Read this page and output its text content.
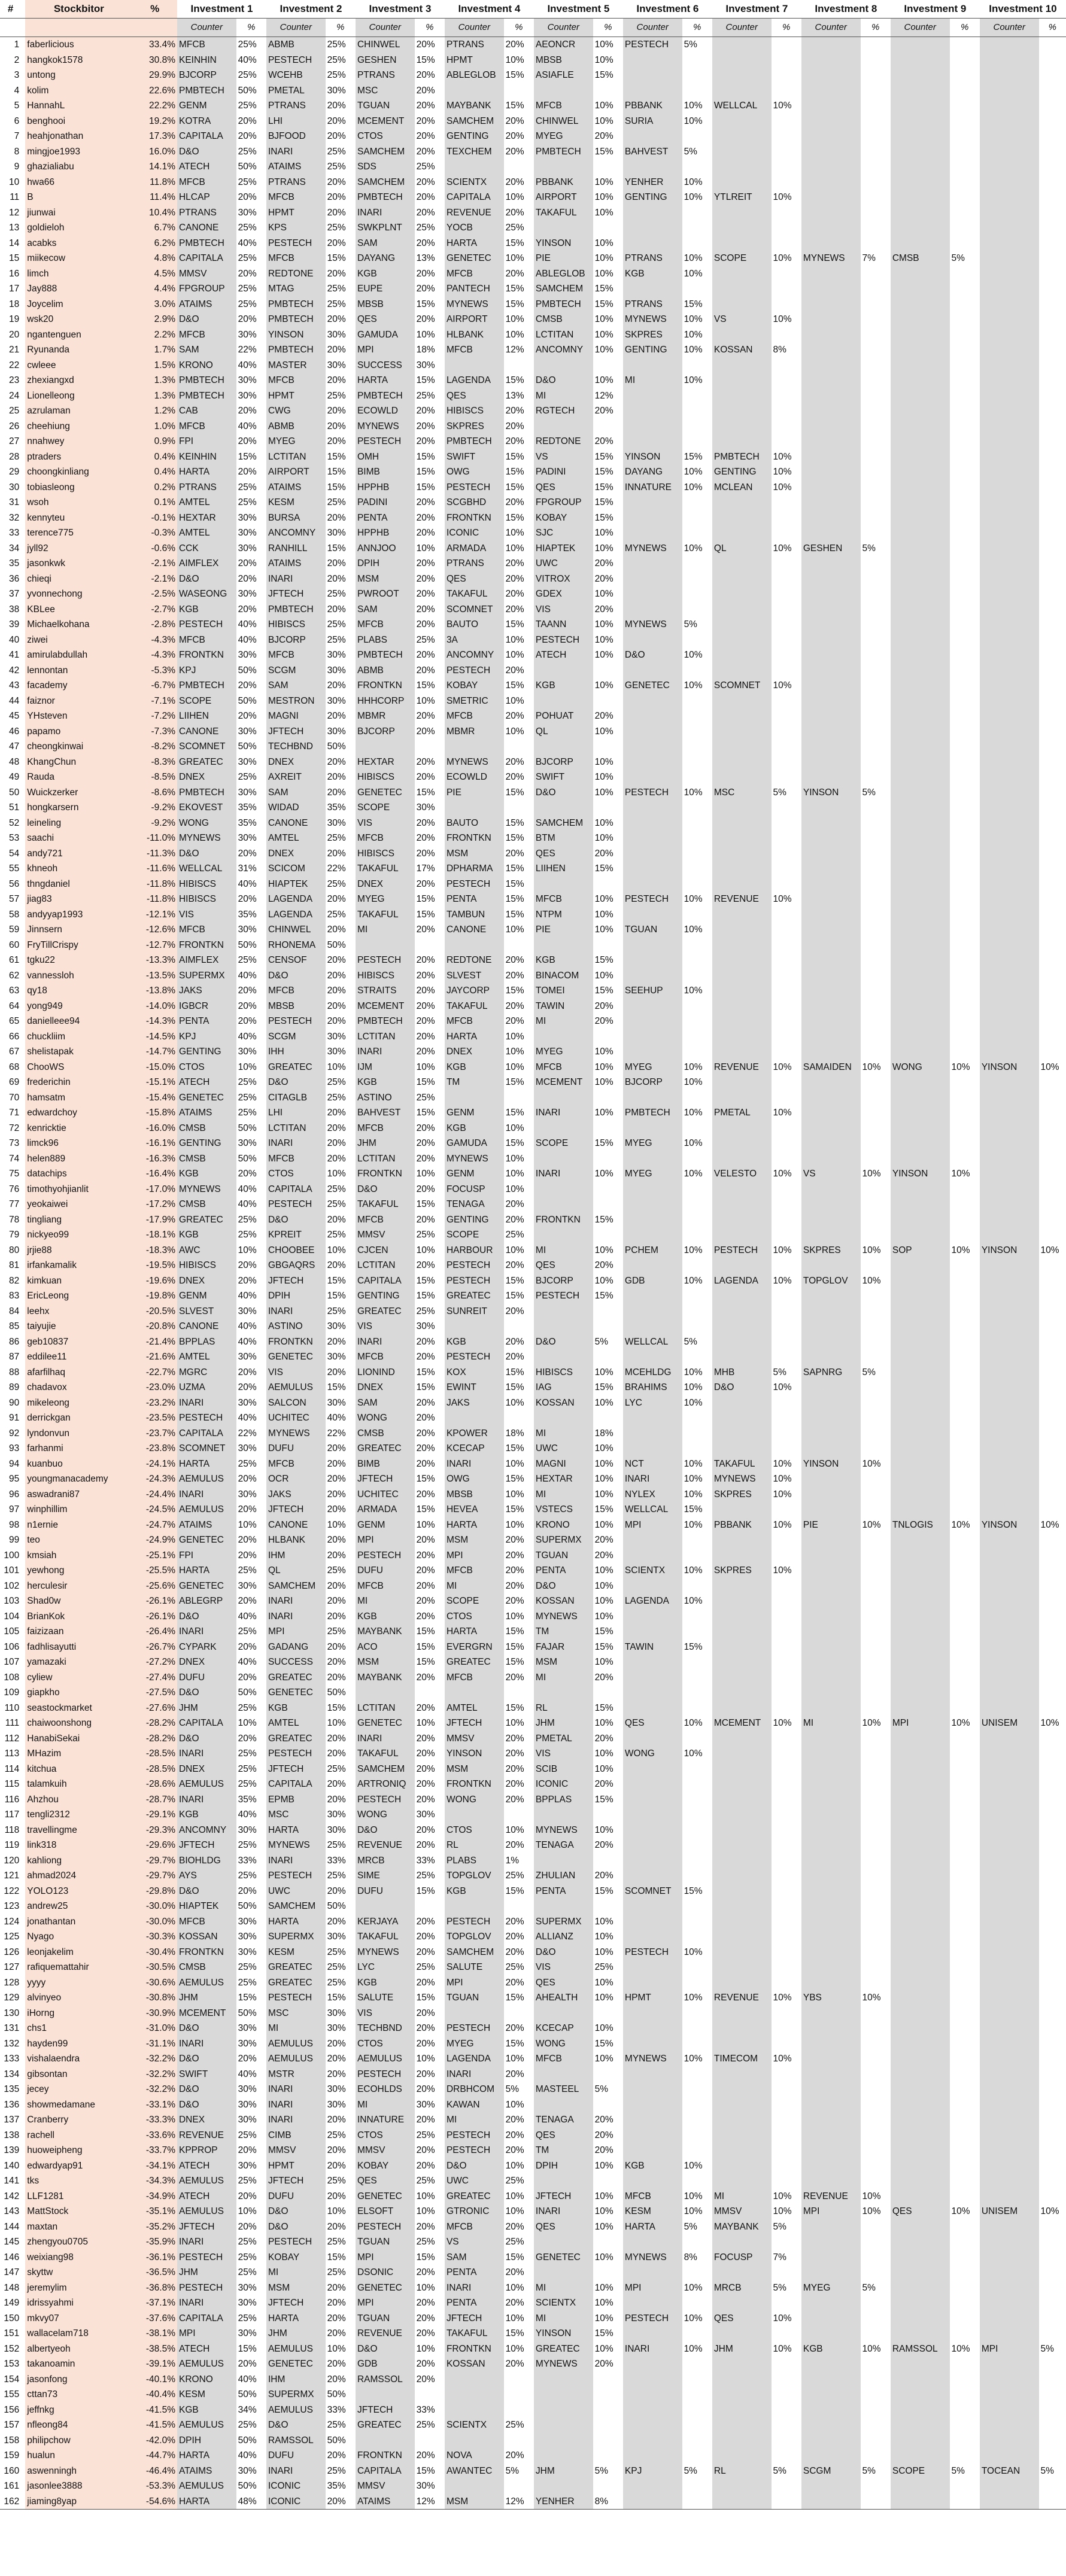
#	Stockbitor	%	Investment 1		Investment 2		Investment 3		Investment 4		Investment 5		Investment 6		Investment 7		Investment 8		Investment 9		Investment 10	
			Counter	%	Counter	%	Counter	%	Counter	%	Counter	%	Counter	%	Counter	%	Counter	%	Counter	%	Counter	%
1	faberlicious	33.4%	MFCB	25%	ABMB	25%	CHINWEL	20%	PTRANS	20%	AEONCR	10%	PESTECH	5%								
2	hangkok1578	30.8%	KEINHIN	40%	PESTECH	25%	GESHEN	15%	HPMT	10%	MBSB	10%										
3	untong	29.9%	BJCORP	25%	WCEHB	25%	PTRANS	20%	ABLEGLOB	15%	ASIAFLE	15%										
4	kolim	22.6%	PMBTECH	50%	PMETAL	30%	MSC	20%														
5	HannahL	22.2%	GENM	25%	PTRANS	20%	TGUAN	20%	MAYBANK	15%	MFCB	10%	PBBANK	10%	WELLCAL	10%						
6	benghooi	19.2%	KOTRA	20%	LHI	20%	MCEMENT	20%	SAMCHEM	20%	CHINWEL	10%	SURIA	10%								
7	heahjonathan	17.3%	CAPITALA	20%	BJFOOD	20%	CTOS	20%	GENTING	20%	MYEG	20%										
8	mingjoe1993	16.0%	D&O	25%	INARI	25%	SAMCHEM	20%	TEXCHEM	20%	PMBTECH	15%	BAHVEST	5%								
9	ghazialiabu	14.1%	ATECH	50%	ATAIMS	25%	SDS	25%														
10	hwa66	11.8%	MFCB	25%	PTRANS	20%	SAMCHEM	20%	SCIENTX	20%	PBBANK	10%	YENHER	10%								
11	B	11.4%	HLCAP	20%	MFCB	20%	PMBTECH	20%	CAPITALA	10%	AIRPORT	10%	GENTING	10%	YTLREIT	10%						
12	jiunwai	10.4%	PTRANS	30%	HPMT	20%	INARI	20%	REVENUE	20%	TAKAFUL	10%										
13	goldieloh	6.7%	CANONE	25%	KPS	25%	SWKPLNT	25%	YOCB	25%												
14	acabks	6.2%	PMBTECH	40%	PESTECH	20%	SAM	20%	HARTA	15%	YINSON	10%										
15	miikecow	4.8%	CAPITALA	25%	MFCB	15%	DAYANG	13%	GENETEC	10%	PIE	10%	PTRANS	10%	SCOPE	10%	MYNEWS	7%	CMSB	5%		
16	limch	4.5%	MMSV	20%	REDTONE	20%	KGB	20%	MFCB	20%	ABLEGLOB	10%	KGB	10%								
17	Jay888	4.4%	FPGROUP	25%	MTAG	25%	EUPE	20%	PANTECH	15%	SAMCHEM	15%										
18	Joycelim	3.0%	ATAIMS	25%	PMBTECH	25%	MBSB	15%	MYNEWS	15%	PMBTECH	15%	PTRANS	15%								
19	wsk20	2.9%	D&O	20%	PMBTECH	20%	QES	20%	AIRPORT	10%	CMSB	10%	MYNEWS	10%	VS	10%						
20	ngantenguen	2.2%	MFCB	30%	YINSON	30%	GAMUDA	10%	HLBANK	10%	LCTITAN	10%	SKPRES	10%								
21	Ryunanda	1.7%	SAM	22%	PMBTECH	20%	MPI	18%	MFCB	12%	ANCOMNY	10%	GENTING	10%	KOSSAN	8%						
22	cwleee	1.5%	KRONO	40%	MASTER	30%	SUCCESS	30%														
23	zhexiangxd	1.3%	PMBTECH	30%	MFCB	20%	HARTA	15%	LAGENDA	15%	D&O	10%	MI	10%								
24	Lionelleong	1.3%	PMBTECH	30%	HPMT	25%	PMBTECH	25%	QES	13%	MI	12%										
25	azrulaman	1.2%	CAB	20%	CWG	20%	ECOWLD	20%	HIBISCS	20%	RGTECH	20%										
26	cheehiung	1.0%	MFCB	40%	ABMB	20%	MYNEWS	20%	SKPRES	20%												
27	nnahwey	0.9%	FPI	20%	MYEG	20%	PESTECH	20%	PMBTECH	20%	REDTONE	20%										
28	ptraders	0.4%	KEINHIN	15%	LCTITAN	15%	OMH	15%	SWIFT	15%	VS	15%	YINSON	15%	PMBTECH	10%						
29	choongkinliang	0.4%	HARTA	20%	AIRPORT	15%	BIMB	15%	OWG	15%	PADINI	15%	DAYANG	10%	GENTING	10%						
30	tobiasleong	0.2%	PTRANS	25%	ATAIMS	15%	HPPHB	15%	PESTECH	15%	QES	15%	INNATURE	10%	MCLEAN	10%						
31	wsoh	0.1%	AMTEL	25%	KESM	25%	PADINI	20%	SCGBHD	20%	FPGROUP	15%										
32	kennyteu	-0.1%	HEXTAR	30%	BURSA	20%	PENTA	20%	FRONTKN	15%	KOBAY	15%										
33	terence775	-0.3%	AMTEL	30%	ANCOMNY	30%	HPPHB	20%	ICONIC	10%	SJC	10%										
34	jyll92	-0.6%	CCK	30%	RANHILL	15%	ANNJOO	10%	ARMADA	10%	HIAPTEK	10%	MYNEWS	10%	QL	10%	GESHEN	5%				
35	jasonkwk	-2.1%	AIMFLEX	20%	ATAIMS	20%	DPIH	20%	PTRANS	20%	UWC	20%										
36	chieqi	-2.1%	D&O	20%	INARI	20%	MSM	20%	QES	20%	VITROX	20%										
37	yvonnechong	-2.5%	WASEONG	30%	JFTECH	25%	PWROOT	20%	TAKAFUL	20%	GDEX	10%										
38	KBLee	-2.7%	KGB	20%	PMBTECH	20%	SAM	20%	SCOMNET	20%	VIS	20%										
39	Michaelkohana	-2.8%	PESTECH	40%	HIBISCS	25%	MFCB	20%	BAUTO	15%	TAANN	10%	MYNEWS	5%								
40	ziwei	-4.3%	MFCB	40%	BJCORP	25%	PLABS	25%	3A	10%	PESTECH	10%										
41	amirulabdullah	-4.3%	FRONTKN	30%	MFCB	30%	PMBTECH	20%	ANCOMNY	10%	ATECH	10%	D&O	10%								
42	lennontan	-5.3%	KPJ	50%	SCGM	30%	ABMB	20%	PESTECH	20%												
43	facademy	-6.7%	PMBTECH	20%	SAM	20%	FRONTKN	15%	KOBAY	15%	KGB	10%	GENETEC	10%	SCOMNET	10%						
44	faiznor	-7.1%	SCOPE	50%	MESTRON	30%	HHHCORP	10%	SMETRIC	10%												
45	YHsteven	-7.2%	LIIHEN	20%	MAGNI	20%	MBMR	20%	MFCB	20%	POHUAT	20%										
46	papamo	-7.3%	CANONE	30%	JFTECH	30%	BJCORP	20%	MBMR	10%	QL	10%										
47	cheongkinwai	-8.2%	SCOMNET	50%	TECHBND	50%																
48	KhangChun	-8.3%	GREATEC	30%	DNEX	20%	HEXTAR	20%	MYNEWS	20%	BJCORP	10%										
49	Rauda	-8.5%	DNEX	25%	AXREIT	20%	HIBISCS	20%	ECOWLD	20%	SWIFT	10%										
50	Wuickzerker	-8.6%	PMBTECH	30%	SAM	20%	GENETEC	15%	PIE	15%	D&O	10%	PESTECH	10%	MSC	5%	YINSON	5%				
51	hongkarsern	-9.2%	EKOVEST	35%	WIDAD	35%	SCOPE	30%														
52	leineling	-9.2%	WONG	35%	CANONE	30%	VIS	20%	BAUTO	15%	SAMCHEM	10%										
53	saachi	-11.0%	MYNEWS	30%	AMTEL	25%	MFCB	20%	FRONTKN	15%	BTM	10%										
54	andy721	-11.3%	D&O	20%	DNEX	20%	HIBISCS	20%	MSM	20%	QES	20%										
55	khneoh	-11.6%	WELLCAL	31%	SCICOM	22%	TAKAFUL	17%	DPHARMA	15%	LIIHEN	15%										
56	thngdaniel	-11.8%	HIBISCS	40%	HIAPTEK	25%	DNEX	20%	PESTECH	15%												
57	jiag83	-11.8%	HIBISCS	20%	LAGENDA	20%	MYEG	15%	PENTA	15%	MFCB	10%	PESTECH	10%	REVENUE	10%						
58	andyyap1993	-12.1%	VIS	35%	LAGENDA	25%	TAKAFUL	15%	TAMBUN	15%	NTPM	10%										
59	Jinnsern	-12.6%	MFCB	30%	CHINWEL	20%	MI	20%	CANONE	10%	PIE	10%	TGUAN	10%								
60	FryTillCrispy	-12.7%	FRONTKN	50%	RHONEMA	50%																
61	tgku22	-13.3%	AIMFLEX	25%	CENSOF	20%	PESTECH	20%	REDTONE	20%	KGB	15%										
62	vannessloh	-13.5%	SUPERMX	40%	D&O	20%	HIBISCS	20%	SLVEST	20%	BINACOM	10%										
63	qy18	-13.8%	JAKS	20%	MFCB	20%	STRAITS	20%	JAYCORP	15%	TOMEI	15%	SEEHUP	10%								
64	yong949	-14.0%	IGBCR	20%	MBSB	20%	MCEMENT	20%	TAKAFUL	20%	TAWIN	20%										
65	danielleee94	-14.3%	PENTA	20%	PESTECH	20%	PMBTECH	20%	MFCB	20%	MI	20%										
66	chuckliim	-14.5%	KPJ	40%	SCGM	30%	LCTITAN	20%	HARTA	10%												
67	shelistapak	-14.7%	GENTING	30%	IHH	30%	INARI	20%	DNEX	10%	MYEG	10%										
68	ChooWS	-15.0%	CTOS	10%	GREATEC	10%	IJM	10%	KGB	10%	MFCB	10%	MYEG	10%	REVENUE	10%	SAMAIDEN	10%	WONG	10%	YINSON	10%
69	frederichin	-15.1%	ATECH	25%	D&O	25%	KGB	15%	TM	15%	MCEMENT	10%	BJCORP	10%								
70	hamsatm	-15.4%	GENETEC	25%	CITAGLB	25%	ASTINO	25%														
71	edwardchoy	-15.8%	ATAIMS	25%	LHI	20%	BAHVEST	15%	GENM	15%	INARI	10%	PMBTECH	10%	PMETAL	10%						
72	kenricktie	-16.0%	CMSB	50%	LCTITAN	20%	MFCB	20%	KGB	10%												
73	limck96	-16.1%	GENTING	30%	INARI	20%	JHM	20%	GAMUDA	15%	SCOPE	15%	MYEG	10%								
74	helen889	-16.3%	CMSB	50%	MFCB	20%	LCTITAN	20%	MYNEWS	10%												
75	datachips	-16.4%	KGB	20%	CTOS	10%	FRONTKN	10%	GENM	10%	INARI	10%	MYEG	10%	VELESTO	10%	VS	10%	YINSON	10%		
76	timothyohjianlit	-17.0%	MYNEWS	40%	CAPITALA	25%	D&O	20%	FOCUSP	10%												
77	yeokaiwei	-17.2%	CMSB	40%	PESTECH	25%	TAKAFUL	15%	TENAGA	20%												
78	tingliang	-17.9%	GREATEC	25%	D&O	20%	MFCB	20%	GENTING	20%	FRONTKN	15%										
79	nickyeo99	-18.1%	KGB	25%	KPREIT	25%	MMSV	25%	SCOPE	25%												
80	jrjie88	-18.3%	AWC	10%	CHOOBEE	10%	CJCEN	10%	HARBOUR	10%	MI	10%	PCHEM	10%	PESTECH	10%	SKPRES	10%	SOP	10%	YINSON	10%
81	irfankamalik	-19.5%	HIBISCS	20%	GBGAQRS	20%	LCTITAN	20%	PESTECH	20%	QES	20%										
82	kimkuan	-19.6%	DNEX	20%	JFTECH	15%	CAPITALA	15%	PESTECH	15%	BJCORP	10%	GDB	10%	LAGENDA	10%	TOPGLOV	10%				
83	EricLeong	-19.8%	GENM	40%	DPIH	15%	GENTING	15%	GREATEC	15%	PESTECH	15%										
84	leehx	-20.5%	SLVEST	30%	INARI	25%	GREATEC	25%	SUNREIT	20%												
85	taiyujie	-20.8%	CANONE	40%	ASTINO	30%	VIS	30%														
86	geb10837	-21.4%	BPPLAS	40%	FRONTKN	20%	INARI	20%	KGB	20%	D&O	5%	WELLCAL	5%								
87	eddilee11	-21.6%	AMTEL	30%	GENETEC	30%	MFCB	20%	PESTECH	20%												
88	afarfilhaq	-22.7%	MGRC	20%	VIS	20%	LIONIND	15%	KOX	15%	HIBISCS	10%	MCEHLDG	10%	MHB	5%	SAPNRG	5%				
89	chadavox	-23.0%	UZMA	20%	AEMULUS	15%	DNEX	15%	EWINT	15%	IAG	15%	BRAHIMS	10%	D&O	10%						
90	mikeleong	-23.2%	INARI	30%	SALCON	30%	SAM	20%	JAKS	10%	KOSSAN	10%	LYC	10%								
91	derrickgan	-23.5%	PESTECH	40%	UCHITEC	40%	WONG	20%														
92	lyndonvun	-23.7%	CAPITALA	22%	MYNEWS	22%	CMSB	20%	KPOWER	18%	MI	18%										
93	farhanmi	-23.8%	SCOMNET	30%	DUFU	20%	GREATEC	20%	KCECAP	15%	UWC	10%										
94	kuanbuo	-24.1%	HARTA	25%	MFCB	20%	BIMB	20%	INARI	10%	MAGNI	10%	NCT	10%	TAKAFUL	10%	YINSON	10%				
95	youngmanacademy	-24.3%	AEMULUS	20%	OCR	20%	JFTECH	15%	OWG	15%	HEXTAR	10%	INARI	10%	MYNEWS	10%						
96	aswadrani87	-24.4%	INARI	30%	JAKS	20%	UCHITEC	20%	MBSB	10%	MI	10%	NYLEX	10%	SKPRES	10%						
97	winphillim	-24.5%	AEMULUS	20%	JFTECH	20%	ARMADA	15%	HEVEA	15%	VSTECS	15%	WELLCAL	15%								
98	n1ernie	-24.7%	ATAIMS	10%	CANONE	10%	GENM	10%	HARTA	10%	KRONO	10%	MPI	10%	PBBANK	10%	PIE	10%	TNLOGIS	10%	YINSON	10%
99	teo	-24.9%	GENETEC	20%	HLBANK	20%	MPI	20%	MSM	20%	SUPERMX	20%										
100	kmsiah	-25.1%	FPI	20%	IHM	20%	PESTECH	20%	MPI	20%	TGUAN	20%										
101	yewhong	-25.5%	HARTA	25%	QL	25%	DUFU	20%	MFCB	20%	PENTA	10%	SCIENTX	10%	SKPRES	10%						
102	herculesir	-25.6%	GENETEC	30%	SAMCHEM	20%	MFCB	20%	MI	20%	D&O	10%										
103	Shad0w	-26.1%	ABLEGRP	20%	INARI	20%	MI	20%	SCOPE	20%	KOSSAN	10%	LAGENDA	10%								
104	BrianKok	-26.1%	D&O	40%	INARI	20%	KGB	20%	CTOS	10%	MYNEWS	10%										
105	faizizaan	-26.4%	INARI	25%	MPI	25%	MAYBANK	15%	HARTA	15%	TM	15%										
106	fadhlisayutti	-26.7%	CYPARK	20%	GADANG	20%	ACO	15%	EVERGRN	15%	FAJAR	15%	TAWIN	15%								
107	yamazaki	-27.2%	DNEX	40%	SUCCESS	20%	MSM	15%	GREATEC	15%	MSM	10%										
108	cyliew	-27.4%	DUFU	20%	GREATEC	20%	MAYBANK	20%	MFCB	20%	MI	20%										
109	giapkho	-27.5%	D&O	50%	GENETEC	50%																
110	seastockmarket	-27.6%	JHM	25%	KGB	15%	LCTITAN	20%	AMTEL	15%	RL	15%										
111	chaiwoonshong	-28.2%	CAPITALA	10%	AMTEL	10%	GENETEC	10%	JFTECH	10%	JHM	10%	QES	10%	MCEMENT	10%	MI	10%	MPI	10%	UNISEM	10%
112	HanabiSekai	-28.2%	D&O	20%	GREATEC	20%	INARI	20%	MMSV	20%	PMETAL	20%										
113	MHazim	-28.5%	INARI	25%	PESTECH	20%	TAKAFUL	20%	YINSON	20%	VIS	10%	WONG	10%								
114	kitchua	-28.5%	DNEX	25%	JFTECH	25%	SAMCHEM	20%	MSM	20%	SCIB	10%										
115	talamkuih	-28.6%	AEMULUS	25%	CAPITALA	20%	ARTRONIQ	20%	FRONTKN	20%	ICONIC	20%										
116	Ahzhou	-28.7%	INARI	35%	EPMB	20%	PESTECH	20%	WONG	20%	BPPLAS	15%										
117	tengli2312	-29.1%	KGB	40%	MSC	30%	WONG	30%														
118	travellingme	-29.3%	ANCOMNY	30%	HARTA	30%	D&O	20%	CTOS	10%	MYNEWS	10%										
119	link318	-29.6%	JFTECH	25%	MYNEWS	25%	REVENUE	20%	RL	20%	TENAGA	20%										
120	kahliong	-29.7%	BIOHLDG	33%	INARI	33%	MRCB	33%	PLABS	1%												
121	ahmad2024	-29.7%	AYS	25%	PESTECH	25%	SIME	25%	TOPGLOV	25%	ZHULIAN	20%										
122	YOLO123	-29.8%	D&O	20%	UWC	20%	DUFU	15%	KGB	15%	PENTA	15%	SCOMNET	15%								
123	andrew25	-30.0%	HIAPTEK	50%	SAMCHEM	50%																
124	jonathantan	-30.0%	MFCB	30%	HARTA	20%	KERJAYA	20%	PESTECH	20%	SUPERMX	10%										
125	Nyago	-30.3%	KOSSAN	30%	SUPERMX	30%	TAKAFUL	20%	TOPGLOV	20%	ALLIANZ	10%										
126	leonjakelim	-30.4%	FRONTKN	30%	KESM	25%	MYNEWS	20%	SAMCHEM	20%	D&O	10%	PESTECH	10%								
127	rafiquemattahir	-30.5%	CMSB	25%	GREATEC	25%	LYC	25%	SALUTE	25%	VIS	25%										
128	yyyy	-30.6%	AEMULUS	25%	GREATEC	25%	KGB	20%	MPI	20%	QES	10%										
129	alvinyeo	-30.8%	JHM	15%	PESTECH	15%	SALUTE	15%	TGUAN	15%	AHEALTH	10%	HPMT	10%	REVENUE	10%	YBS	10%				
130	iHorng	-30.9%	MCEMENT	50%	MSC	30%	VIS	20%														
131	chs1	-31.0%	D&O	30%	MI	30%	TECHBND	20%	PESTECH	20%	KCECAP	10%										
132	hayden99	-31.1%	INARI	30%	AEMULUS	20%	CTOS	20%	MYEG	15%	WONG	15%										
133	vishalaendra	-32.2%	D&O	20%	AEMULUS	20%	AEMULUS	10%	LAGENDA	10%	MFCB	10%	MYNEWS	10%	TIMECOM	10%						
134	gibsontan	-32.2%	SWIFT	40%	MSTR	20%	PESTECH	20%	INARI	20%												
135	jecey	-32.2%	D&O	30%	INARI	30%	ECOHLDS	20%	DRBHCOM	5%	MASTEEL	5%										
136	showmedamane	-33.1%	D&O	30%	INARI	30%	MI	30%	KAWAN	10%												
137	Cranberry	-33.3%	DNEX	30%	INARI	20%	INNATURE	20%	MI	20%	TENAGA	20%										
138	rachell	-33.6%	REVENUE	25%	CIMB	25%	CTOS	25%	PESTECH	20%	QES	20%										
139	huoweipheng	-33.7%	KPPROP	20%	MMSV	20%	MMSV	20%	PESTECH	20%	TM	20%										
140	edwardyap91	-34.1%	ATECH	30%	HPMT	20%	KOBAY	20%	D&O	10%	DPIH	10%	KGB	10%								
141	tks	-34.3%	AEMULUS	25%	JFTECH	25%	QES	25%	UWC	25%												
142	LLF1281	-34.9%	ATECH	20%	DUFU	20%	GENETEC	10%	GREATEC	10%	JFTECH	10%	MFCB	10%	MI	10%	REVENUE	10%				
143	MattStock	-35.1%	AEMULUS	10%	D&O	10%	ELSOFT	10%	GTRONIC	10%	INARI	10%	KESM	10%	MMSV	10%	MPI	10%	QES	10%	UNISEM	10%
144	maxtan	-35.2%	JFTECH	20%	D&O	20%	PESTECH	20%	MFCB	20%	QES	10%	HARTA	5%	MAYBANK	5%						
145	zhengyou0705	-35.9%	INARI	25%	PESTECH	25%	TGUAN	25%	VS	25%												
146	weixiang98	-36.1%	PESTECH	25%	KOBAY	15%	MPI	15%	SAM	15%	GENETEC	10%	MYNEWS	8%	FOCUSP	7%						
147	skyttw	-36.5%	JHM	25%	MI	25%	DSONIC	20%	PENTA	20%												
148	jeremylim	-36.8%	PESTECH	30%	MSM	20%	GENETEC	10%	INARI	10%	MI	10%	MPI	10%	MRCB	5%	MYEG	5%				
149	idrissyahmi	-37.1%	INARI	30%	JFTECH	20%	MPI	20%	PENTA	20%	SCIENTX	10%										
150	mkvy07	-37.6%	CAPITALA	25%	HARTA	20%	TGUAN	20%	JFTECH	10%	MI	10%	PESTECH	10%	QES	10%						
151	wallacelam718	-38.1%	MPI	30%	JHM	20%	REVENUE	20%	TAKAFUL	15%	YINSON	15%										
152	albertyeoh	-38.5%	ATECH	15%	AEMULUS	10%	D&O	10%	FRONTKN	10%	GREATEC	10%	INARI	10%	JHM	10%	KGB	10%	RAMSSOL	10%	MPI	5%
153	takanoamin	-39.1%	AEMULUS	20%	GENETEC	20%	GDB	20%	KOSSAN	20%	MYNEWS	20%										
154	jasonfong	-40.1%	KRONO	40%	IHM	20%	RAMSSOL	20%														
155	cttan73	-40.4%	KESM	50%	SUPERMX	50%																
156	jeffnkg	-41.5%	KGB	34%	AEMULUS	33%	JFTECH	33%														
157	nfleong84	-41.5%	AEMULUS	25%	D&O	25%	GREATEC	25%	SCIENTX	25%												
158	philipchow	-42.0%	DPIH	50%	RAMSSOL	50%																
159	hualun	-44.7%	HARTA	40%	DUFU	20%	FRONTKN	20%	NOVA	20%												
160	aswenningh	-46.4%	ATAIMS	30%	INARI	25%	CAPITALA	15%	AWANTEC	5%	JHM	5%	KPJ	5%	RL	5%	SCGM	5%	SCOPE	5%	TOCEAN	5%
161	jasonlee3888	-53.3%	AEMULUS	50%	ICONIC	35%	MMSV	30%														
162	jiaming8yap	-54.6%	HARTA	48%	ICONIC	20%	ATAIMS	12%	MSM	12%	YENHER	8%										
